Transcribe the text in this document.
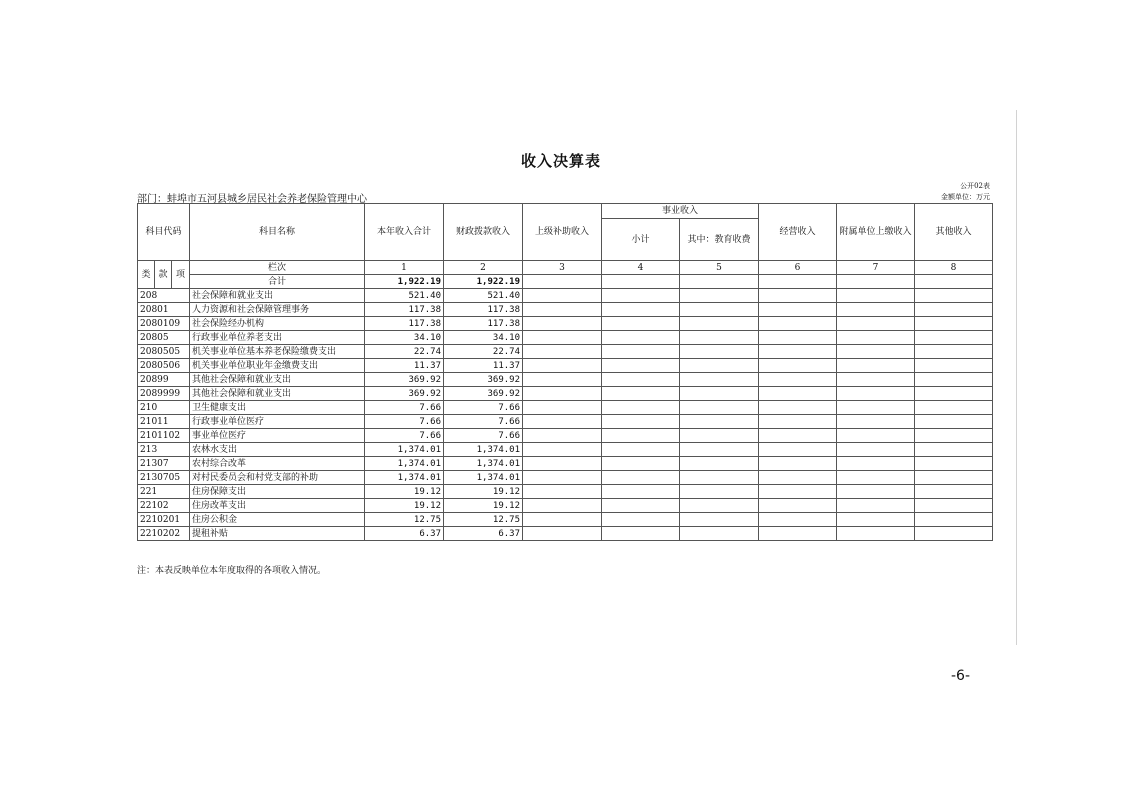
收入决算表
部门：蚌埠市五河县城乡居民社会养老保险管理中心
公开02表
金额单位：万元
科目代码			科目名称	本年收入合计	财政拨款收入	上级补助收入	事业收入		经营收入	附属单位上缴收入	其他收入
							小计	其中：教育收费			
类	款	项	栏次	1	2	3	4	5	6	7	8
			合计	1,922.19	1,922.19						
208			社会保障和就业支出	521.40	521.40						
20801			人力资源和社会保障管理事务	117.38	117.38						
2080109			社会保险经办机构	117.38	117.38						
20805			行政事业单位养老支出	34.10	34.10						
2080505			机关事业单位基本养老保险缴费支出	22.74	22.74						
2080506			机关事业单位职业年金缴费支出	11.37	11.37						
20899			其他社会保障和就业支出	369.92	369.92						
2089999			其他社会保障和就业支出	369.92	369.92						
210			卫生健康支出	7.66	7.66						
21011			行政事业单位医疗	7.66	7.66						
2101102			事业单位医疗	7.66	7.66						
213			农林水支出	1,374.01	1,374.01						
21307			农村综合改革	1,374.01	1,374.01						
2130705			对村民委员会和村党支部的补助	1,374.01	1,374.01						
221			住房保障支出	19.12	19.12						
22102			住房改革支出	19.12	19.12						
2210201			住房公积金	12.75	12.75						
2210202			提租补贴	6.37	6.37						
注：本表反映单位本年度取得的各项收入情况。
-6-
